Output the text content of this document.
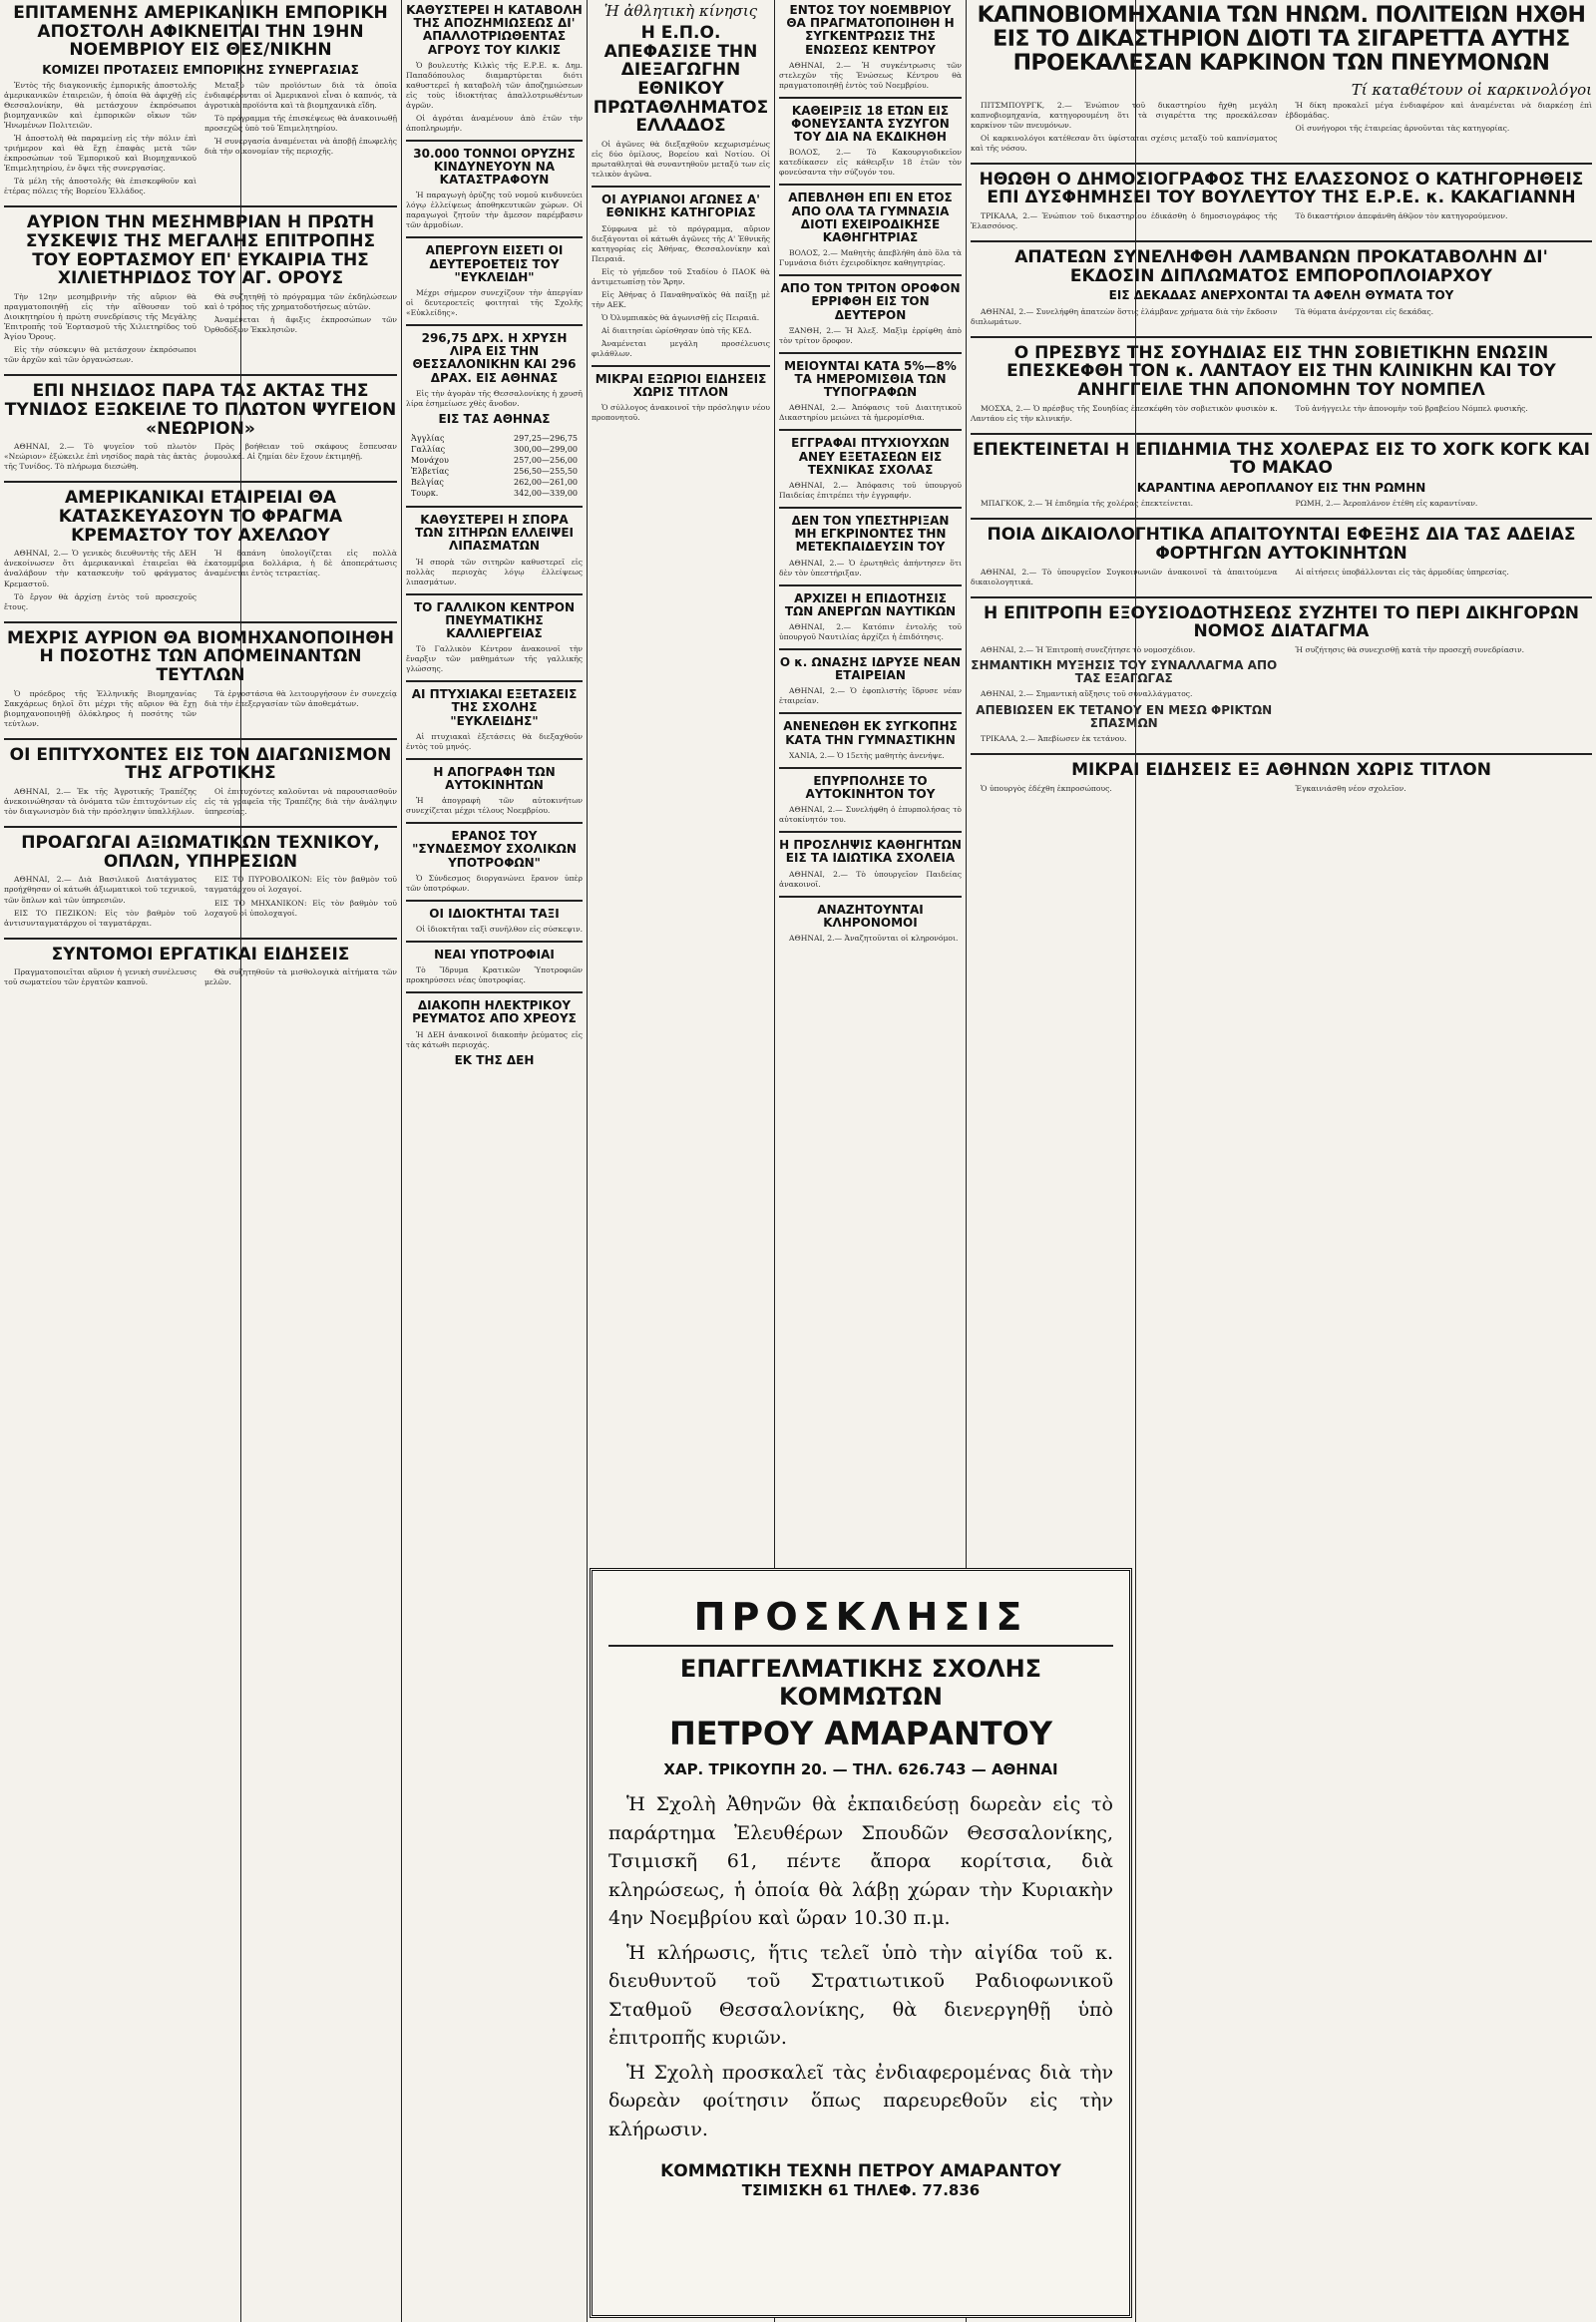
ΕΠΙΤΑΜΕΝΗΣ ΑΜΕΡΙΚΑΝΙΚΗ ΕΜΠΟΡΙΚΗ ΑΠΟΣΤΟΛΗ ΑΦΙΚΝΕΙΤΑΙ ΤΗΝ 19ΗΝ ΝΟΕΜΒΡΙΟΥ ΕΙΣ ΘΕΣ/ΝΙΚΗΝ
ΚΟΜΙΖΕΙ ΠΡΟΤΑΣΕΙΣ ΕΜΠΟΡΙΚΗΣ ΣΥΝΕΡΓΑΣΙΑΣ

Ἐντὸς τῆς διαγκονικῆς ἐμπορικῆς ἀποστολῆς ἀμερικανικῶν ἐταιρειῶν, ἡ ὁποία θὰ ἀφιχθῇ εἰς Θεσσαλονίκην, θὰ μετάσχουν ἐκπρόσωποι βιομηχανικῶν καὶ ἐμπορικῶν οἴκων τῶν Ἡνωμένων Πολιτειῶν.

Ἡ ἀποστολὴ θὰ παραμείνῃ εἰς τὴν πόλιν ἐπὶ τριήμερον καὶ θὰ ἔχῃ ἐπαφὰς μετὰ τῶν ἐκπροσώπων τοῦ Ἐμπορικοῦ καὶ Βιομηχανικοῦ Ἐπιμελητηρίου, ἐν ὄψει τῆς συνεργασίας.

Τὰ μέλη τῆς ἀποστολῆς θὰ ἐπισκεφθοῦν καὶ ἑτέρας πόλεις τῆς Βορείου Ἑλλάδος.

Μεταξὺ τῶν προϊόντων διὰ τὰ ὁποῖα ἐνδιαφέρονται οἱ Ἀμερικανοὶ εἶναι ὁ καπνός, τὰ ἀγροτικὰ προϊόντα καὶ τὰ βιομηχανικὰ εἴδη.

Τὸ πρόγραμμα τῆς ἐπισκέψεως θὰ ἀνακοινωθῇ προσεχῶς ὑπὸ τοῦ Ἐπιμελητηρίου.

Ἡ συνεργασία ἀναμένεται νὰ ἀποβῇ ἐπωφελὴς διὰ τὴν οἰκονομίαν τῆς περιοχῆς.

ΑΥΡΙΟΝ ΤΗΝ ΜΕΣΗΜΒΡΙΑΝ Η ΠΡΩΤΗ ΣΥΣΚΕΨΙΣ ΤΗΣ ΜΕΓΑΛΗΣ ΕΠΙΤΡΟΠΗΣ ΤΟΥ ΕΟΡΤΑΣΜΟΥ ΕΠ' ΕΥΚΑΙΡΙΑ ΤΗΣ ΧΙΛΙΕΤΗΡΙΔΟΣ ΤΟΥ ΑΓ. ΟΡΟΥΣ

Τὴν 12ην μεσημβρινὴν τῆς αὔριον θὰ πραγματοποιηθῇ εἰς τὴν αἴθουσαν τοῦ Διοικητηρίου ἡ πρώτη συνεδρίασις τῆς Μεγάλης Ἐπιτροπῆς τοῦ Ἑορτασμοῦ τῆς Χιλιετηρίδος τοῦ Ἁγίου Ὄρους.

Εἰς τὴν σύσκεψιν θὰ μετάσχουν ἐκπρόσωποι τῶν ἀρχῶν καὶ τῶν ὀργανώσεων.

Θὰ συζητηθῇ τὸ πρόγραμμα τῶν ἐκδηλώσεων καὶ ὁ τρόπος τῆς χρηματοδοτήσεως αὐτῶν.

Ἀναμένεται ἡ ἄφιξις ἐκπροσώπων τῶν Ὀρθοδόξων Ἐκκλησιῶν.

ΕΠΙ ΝΗΣΙΔΟΣ ΠΑΡΑ ΤΑΣ ΑΚΤΑΣ ΤΗΣ ΤΥΝΙΔΟΣ ΕΞΩΚΕΙΛΕ ΤΟ ΠΛΩΤΟΝ ΨΥΓΕΙΟΝ «ΝΕΩΡΙΟΝ»

ΑΘΗΝΑΙ, 2.— Τὸ ψυγεῖον τοῦ πλωτὸν «Νεώριον» ἐξώκειλε ἐπὶ νησίδος παρὰ τὰς ἀκτὰς τῆς Τυνίδος. Τὸ πλήρωμα διεσώθη.

Πρὸς βοήθειαν τοῦ σκάφους ἔσπευσαν ῥυμουλκά. Αἱ ζημίαι δὲν ἔχουν ἐκτιμηθῇ.

ΑΜΕΡΙΚΑΝΙΚΑΙ ΕΤΑΙΡΕΙΑΙ ΘΑ ΚΑΤΑΣΚΕΥΑΣΟΥΝ ΤΟ ΦΡΑΓΜΑ ΚΡΕΜΑΣΤΟΥ ΤΟΥ ΑΧΕΛΩΟΥ

ΑΘΗΝΑΙ, 2.— Ὁ γενικὸς διευθυντὴς τῆς ΔΕΗ ἀνεκοίνωσεν ὅτι ἀμερικανικαὶ ἑταιρεῖαι θὰ ἀναλάβουν τὴν κατασκευὴν τοῦ φράγματος Κρεμαστοῦ.

Τὸ ἔργον θὰ ἀρχίσῃ ἐντὸς τοῦ προσεχοῦς ἔτους.

Ἡ δαπάνη ὑπολογίζεται εἰς πολλὰ ἑκατομμύρια δολλάρια, ἡ δὲ ἀποπεράτωσις ἀναμένεται ἐντὸς τετραετίας.

ΜΕΧΡΙΣ ΑΥΡΙΟΝ ΘΑ ΒΙΟΜΗΧΑΝΟΠΟΙΗΘΗ Η ΠΟΣΟΤΗΣ ΤΩΝ ΑΠΟΜΕΙΝΑΝΤΩΝ ΤΕΥΤΛΩΝ

Ὁ πρόεδρος τῆς Ἑλληνικῆς Βιομηχανίας Σακχάρεως δηλοῖ ὅτι μέχρι τῆς αὔριον θὰ ἔχῃ βιομηχανοποιηθῇ ὁλόκληρος ἡ ποσότης τῶν τεύτλων.

Τὰ ἐργοστάσια θὰ λειτουργήσουν ἐν συνεχείᾳ διὰ τὴν ἐπεξεργασίαν τῶν ἀποθεμάτων.

ΟΙ ΕΠΙΤΥΧΟΝΤΕΣ ΕΙΣ ΤΟΝ ΔΙΑΓΩΝΙΣΜΟΝ ΤΗΣ ΑΓΡΟΤΙΚΗΣ

ΑΘΗΝΑΙ, 2.— Ἐκ τῆς Ἀγροτικῆς Τραπέζης ἀνεκοινώθησαν τὰ ὀνόματα τῶν ἐπιτυχόντων εἰς τὸν διαγωνισμὸν διὰ τὴν πρόσληψιν ὑπαλλήλων.

Οἱ ἐπιτυχόντες καλοῦνται νὰ παρουσιασθοῦν εἰς τὰ γραφεῖα τῆς Τραπέζης διὰ τὴν ἀνάληψιν ὑπηρεσίας.

ΠΡΟΑΓΩΓΑΙ ΑΞΙΩΜΑΤΙΚΩΝ ΤΕΧΝΙΚΟΥ, ΟΠΛΩΝ, ΥΠΗΡΕΣΙΩΝ

ΑΘΗΝΑΙ, 2.— Διὰ Βασιλικοῦ Διατάγματος προήχθησαν οἱ κάτωθι ἀξιωματικοὶ τοῦ τεχνικοῦ, τῶν ὅπλων καὶ τῶν ὑπηρεσιῶν.

ΕΙΣ ΤΟ ΠΕΖΙΚΟΝ: Εἰς τὸν βαθμὸν τοῦ ἀντισυνταγματάρχου οἱ ταγματάρχαι.

ΕΙΣ ΤΟ ΠΥΡΟΒΟΛΙΚΟΝ: Εἰς τὸν βαθμὸν τοῦ ταγματάρχου οἱ λοχαγοί.

ΕΙΣ ΤΟ ΜΗΧΑΝΙΚΟΝ: Εἰς τὸν βαθμὸν τοῦ λοχαγοῦ οἱ ὑπολοχαγοί.

ΣΥΝΤΟΜΟΙ ΕΡΓΑΤΙΚΑΙ ΕΙΔΗΣΕΙΣ

Πραγματοποιεῖται αὔριον ἡ γενικὴ συνέλευσις τοῦ σωματείου τῶν ἐργατῶν καπνοῦ.

Θὰ συζητηθοῦν τὰ μισθολογικὰ αἰτήματα τῶν μελῶν.

ΚΑΘΥΣΤΕΡΕΙ Η ΚΑΤΑΒΟΛΗ ΤΗΣ ΑΠΟΖΗΜΙΩΣΕΩΣ ΔΙ' ΑΠΑΛΛΟΤΡΙΩΘΕΝΤΑΣ ΑΓΡΟΥΣ ΤΟΥ ΚΙΛΚΙΣ

Ὁ βουλευτὴς Κιλκὶς τῆς Ε.Ρ.Ε. κ. Δημ. Παπαδόπουλος διαμαρτύρεται διότι καθυστερεῖ ἡ καταβολὴ τῶν ἀποζημιώσεων εἰς τοὺς ἰδιοκτήτας ἀπαλλοτριωθέντων ἀγρῶν.

Οἱ ἀγρόται ἀναμένουν ἀπὸ ἐτῶν τὴν ἀποπληρωμήν.

30.000 ΤΟΝΝΟΙ ΟΡΥΖΗΣ ΚΙΝΔΥΝΕΥΟΥΝ ΝΑ ΚΑΤΑΣΤΡΑΦΟΥΝ

Ἡ παραγωγὴ ὀρύζης τοῦ νομοῦ κινδυνεύει λόγῳ ἐλλείψεως ἀποθηκευτικῶν χώρων. Οἱ παραγωγοὶ ζητοῦν τὴν ἄμεσον παρέμβασιν τῶν ἀρμοδίων.

ΑΠΕΡΓΟΥΝ ΕΙΣΕΤΙ ΟΙ ΔΕΥΤΕΡΟΕΤΕΙΣ ΤΟΥ "ΕΥΚΛΕΙΔΗ"

Μέχρι σήμερον συνεχίζουν τὴν ἀπεργίαν οἱ δευτεροετεῖς φοιτηταὶ τῆς Σχολῆς «Εὐκλείδης».

296,75 ΔΡΧ. Η ΧΡΥΣΗ ΛΙΡΑ ΕΙΣ ΤΗΝ ΘΕΣΣΑΛΟΝΙΚΗΝ ΚΑΙ 296 ΔΡΑΧ. ΕΙΣ ΑΘΗΝΑΣ

Εἰς τὴν ἀγορὰν τῆς Θεσσαλονίκης ἡ χρυσῆ λίρα ἐσημείωσε χθὲς ἄνοδον.

ΕΙΣ ΤΑΣ ΑΘΗΝΑΣ
Ἀγγλίας	297,25—296,75
Γαλλίας	300,00—299,00
Μονάχου	257,00—256,00
Ἑλβετίας	256,50—255,50
Βελγίας	262,00—261,00
Τουρκ.	342,00—339,00
ΚΑΘΥΣΤΕΡΕΙ Η ΣΠΟΡΑ ΤΩΝ ΣΙΤΗΡΩΝ ΕΛΛΕΙΨΕΙ ΛΙΠΑΣΜΑΤΩΝ

Ἡ σπορὰ τῶν σιτηρῶν καθυστερεῖ εἰς πολλὰς περιοχὰς λόγῳ ἐλλείψεως λιπασμάτων.

ΤΟ ΓΑΛΛΙΚΟΝ ΚΕΝΤΡΟΝ ΠΝΕΥΜΑΤΙΚΗΣ ΚΑΛΛΙΕΡΓΕΙΑΣ

Τὸ Γαλλικὸν Κέντρον ἀνακοινοῖ τὴν ἔναρξιν τῶν μαθημάτων τῆς γαλλικῆς γλώσσης.

ΑΙ ΠΤΥΧΙΑΚΑΙ ΕΞΕΤΑΣΕΙΣ ΤΗΣ ΣΧΟΛΗΣ "ΕΥΚΛΕΙΔΗΣ"

Αἱ πτυχιακαὶ ἐξετάσεις θὰ διεξαχθοῦν ἐντὸς τοῦ μηνός.

Η ΑΠΟΓΡΑΦΗ ΤΩΝ ΑΥΤΟΚΙΝΗΤΩΝ

Ἡ ἀπογραφὴ τῶν αὐτοκινήτων συνεχίζεται μέχρι τέλους Νοεμβρίου.

ΕΡΑΝΟΣ ΤΟΥ "ΣΥΝΔΕΣΜΟΥ ΣΧΟΛΙΚΩΝ ΥΠΟΤΡΟΦΩΝ"

Ὁ Σύνδεσμος διοργανώνει ἔρανον ὑπὲρ τῶν ὑποτρόφων.

ΟΙ ΙΔΙΟΚΤΗΤΑΙ ΤΑΞΙ

Οἱ ἰδιοκτῆται ταξὶ συνῆλθον εἰς σύσκεψιν.

ΝΕΑΙ ΥΠΟΤΡΟΦΙΑΙ

Τὸ Ἵδρυμα Κρατικῶν Ὑποτροφιῶν προκηρύσσει νέας ὑποτροφίας.

ΔΙΑΚΟΠΗ ΗΛΕΚΤΡΙΚΟΥ ΡΕΥΜΑΤΟΣ ΑΠΟ ΧΡΕΟΥΣ

Ἡ ΔΕΗ ἀνακοινοῖ διακοπὴν ῥεύματος εἰς τὰς κάτωθι περιοχάς.

ΕΚ ΤΗΣ ΔΕΗ
Ἡ ἀθλητικὴ κίνησις
Η Ε.Π.Ο. ΑΠΕΦΑΣΙΣΕ ΤΗΝ ΔΙΕΞΑΓΩΓΗΝ ΕΘΝΙΚΟΥ ΠΡΩΤΑΘΛΗΜΑΤΟΣ ΕΛΛΑΔΟΣ

Οἱ ἀγῶνες θὰ διεξαχθοῦν κεχωρισμένως εἰς δύο ὁμίλους, Βορείου καὶ Νοτίου. Οἱ πρωταθληταὶ θὰ συναντηθοῦν μεταξύ των εἰς τελικὸν ἀγῶνα.

ΟΙ ΑΥΡΙΑΝΟΙ ΑΓΩΝΕΣ Α' ΕΘΝΙΚΗΣ ΚΑΤΗΓΟΡΙΑΣ

Σύμφωνα μὲ τὸ πρόγραμμα, αὔριον διεξάγονται οἱ κάτωθι ἀγῶνες τῆς Α' Ἐθνικῆς κατηγορίας εἰς Ἀθήνας, Θεσσαλονίκην καὶ Πειραιᾶ.

Εἰς τὸ γήπεδον τοῦ Σταδίου ὁ ΠΑΟΚ θὰ ἀντιμετωπίσῃ τὸν Ἄρην.

Εἰς Ἀθήνας ὁ Παναθηναϊκὸς θὰ παίξῃ μὲ τὴν ΑΕΚ.

Ὁ Ὀλυμπιακὸς θὰ ἀγωνισθῇ εἰς Πειραιᾶ.

Αἱ διαιτησίαι ὡρίσθησαν ὑπὸ τῆς ΚΕΔ.

Ἀναμένεται μεγάλη προσέλευσις φιλάθλων.

ΜΙΚΡΑΙ ΕΞΩΡΙΟΙ ΕΙΔΗΣΕΙΣ ΧΩΡΙΣ ΤΙΤΛΟΝ

Ὁ σύλλογος ἀνακοινοῖ τὴν πρόσληψιν νέου προπονητοῦ.

ΕΝΤΟΣ ΤΟΥ ΝΟΕΜΒΡΙΟΥ ΘΑ ΠΡΑΓΜΑΤΟΠΟΙΗΘΗ Η ΣΥΓΚΕΝΤΡΩΣΙΣ ΤΗΣ ΕΝΩΣΕΩΣ ΚΕΝΤΡΟΥ

ΑΘΗΝΑΙ, 2.— Ἡ συγκέντρωσις τῶν στελεχῶν τῆς Ἑνώσεως Κέντρου θὰ πραγματοποιηθῇ ἐντὸς τοῦ Νοεμβρίου.

ΚΑΘΕΙΡΞΙΣ 18 ΕΤΩΝ ΕΙΣ ΦΟΝΕΥΣΑΝΤΑ ΣΥΖΥΓΟΝ ΤΟΥ ΔΙΑ ΝΑ ΕΚΔΙΚΗΘΗ

ΒΟΛΟΣ, 2.— Τὸ Κακουργιοδικεῖον κατεδίκασεν εἰς κάθειρξιν 18 ἐτῶν τὸν φονεύσαντα τὴν σύζυγόν του.

ΑΠΕΒΛΗΘΗ ΕΠΙ ΕΝ ΕΤΟΣ ΑΠΟ ΟΛΑ ΤΑ ΓΥΜΝΑΣΙΑ ΔΙΟΤΙ ΕΧΕΙΡΟΔΙΚΗΣΕ ΚΑΘΗΓΗΤΡΙΑΣ

ΒΟΛΟΣ, 2.— Μαθητὴς ἀπεβλήθη ἀπὸ ὅλα τὰ Γυμνάσια διότι ἐχειροδίκησε καθηγητρίας.

ΑΠΟ ΤΟΝ ΤΡΙΤΟΝ ΟΡΟΦΟΝ ΕΡΡΙΦΘΗ ΕΙΣ ΤΟΝ ΔΕΥΤΕΡΟΝ

ΞΑΝΘΗ, 2.— Ἡ Ἀλεξ. Μαξὶμ ἐρρίφθη ἀπὸ τὸν τρίτον ὄροφον.

ΜΕΙΟΥΝΤΑΙ ΚΑΤΑ 5%—8% ΤΑ ΗΜΕΡΟΜΙΣΘΙΑ ΤΩΝ ΤΥΠΟΓΡΑΦΩΝ

ΑΘΗΝΑΙ, 2.— Ἀπόφασις τοῦ Διαιτητικοῦ Δικαστηρίου μειώνει τὰ ἡμερομίσθια.

ΕΓΓΡΑΦΑΙ ΠΤΥΧΙΟΥΧΩΝ ΑΝΕΥ ΕΞΕΤΑΣΕΩΝ ΕΙΣ ΤΕΧΝΙΚΑΣ ΣΧΟΛΑΣ

ΑΘΗΝΑΙ, 2.— Ἀπόφασις τοῦ ὑπουργοῦ Παιδείας ἐπιτρέπει τὴν ἐγγραφήν.

ΔΕΝ ΤΟΝ ΥΠΕΣΤΗΡΙΞΑΝ ΜΗ ΕΓΚΡΙΝΟΝΤΕΣ ΤΗΝ ΜΕΤΕΚΠΑΙΔΕΥΣΙΝ ΤΟΥ

ΑΘΗΝΑΙ, 2.— Ὁ ἐρωτηθεὶς ἀπήντησεν ὅτι δὲν τὸν ὑπεστήριξαν.

ΑΡΧΙΖΕΙ Η ΕΠΙΔΟΤΗΣΙΣ ΤΩΝ ΑΝΕΡΓΩΝ ΝΑΥΤΙΚΩΝ

ΑΘΗΝΑΙ, 2.— Κατόπιν ἐντολῆς τοῦ ὑπουργοῦ Ναυτιλίας ἀρχίζει ἡ ἐπιδότησις.

Ο κ. ΩΝΑΣΗΣ ΙΔΡΥΣΕ ΝΕΑΝ ΕΤΑΙΡΕΙΑΝ

ΑΘΗΝΑΙ, 2.— Ὁ ἐφοπλιστὴς ἵδρυσε νέαν ἑταιρείαν.

ΑΝΕΝΕΩΘΗ ΕΚ ΣΥΓΚΟΠΗΣ ΚΑΤΑ ΤΗΝ ΓΥΜΝΑΣΤΙΚΗΝ

ΧΑΝΙΑ, 2.— Ὁ 15ετὴς μαθητὴς ἀνενήψε.

ΕΠΥΡΠΟΛΗΣΕ ΤΟ ΑΥΤΟΚΙΝΗΤΟΝ ΤΟΥ

ΑΘΗΝΑΙ, 2.— Συνελήφθη ὁ ἐπυρπολήσας τὸ αὐτοκίνητόν του.

Η ΠΡΟΣΛΗΨΙΣ ΚΑΘΗΓΗΤΩΝ ΕΙΣ ΤΑ ΙΔΙΩΤΙΚΑ ΣΧΟΛΕΙΑ

ΑΘΗΝΑΙ, 2.— Τὸ ὑπουργεῖον Παιδείας ἀνακοινοῖ.

ΑΝΑΖΗΤΟΥΝΤΑΙ ΚΛΗΡΟΝΟΜΟΙ

ΑΘΗΝΑΙ, 2.— Ἀναζητοῦνται οἱ κληρονόμοι.

ΚΑΠΝΟΒΙΟΜΗΧΑΝΙΑ ΤΩΝ ΗΝΩΜ. ΠΟΛΙΤΕΙΩΝ ΗΧΘΗ ΕΙΣ ΤΟ ΔΙΚΑΣΤΗΡΙΟΝ ΔΙΟΤΙ ΤΑ ΣΙΓΑΡΕΤΤΑ ΑΥΤΗΣ ΠΡΟΕΚΑΛΕΣΑΝ ΚΑΡΚΙΝΟΝ ΤΩΝ ΠΝΕΥΜΟΝΩΝ
Τί καταθέτουν οἱ καρκινολόγοι

ΠΙΤΣΜΠΟΥΡΓΚ, 2.— Ἐνώπιον τοῦ δικαστηρίου ἤχθη μεγάλη καπνοβιομηχανία, κατηγορουμένη ὅτι τὰ σιγαρέττα της προεκάλεσαν καρκίνον τῶν πνευμόνων.

Οἱ καρκινολόγοι κατέθεσαν ὅτι ὑφίσταται σχέσις μεταξὺ τοῦ καπνίσματος καὶ τῆς νόσου.

Ἡ δίκη προκαλεῖ μέγα ἐνδιαφέρον καὶ ἀναμένεται νὰ διαρκέσῃ ἐπὶ ἑβδομάδας.

Οἱ συνήγοροι τῆς ἑταιρείας ἀρνοῦνται τὰς κατηγορίας.

ΗΘΩΘΗ Ο ΔΗΜΟΣΙΟΓΡΑΦΟΣ ΤΗΣ ΕΛΑΣΣΟΝΟΣ Ο ΚΑΤΗΓΟΡΗΘΕΙΣ ΕΠΙ ΔΥΣΦΗΜΗΣΕΙ ΤΟΥ ΒΟΥΛΕΥΤΟΥ ΤΗΣ Ε.Ρ.Ε. κ. ΚΑΚΑΓΙΑΝΝΗ

ΤΡΙΚΑΛΑ, 2.— Ἐνώπιον τοῦ δικαστηρίου ἐδικάσθη ὁ δημοσιογράφος τῆς Ἐλασσόνος.

Τὸ δικαστήριον ἀπεφάνθη ἀθῷον τὸν κατηγορούμενον.

ΑΠΑΤΕΩΝ ΣΥΝΕΛΗΦΘΗ ΛΑΜΒΑΝΩΝ ΠΡΟΚΑΤΑΒΟΛΗΝ ΔΙ' ΕΚΔΟΣΙΝ ΔΙΠΛΩΜΑΤΟΣ ΕΜΠΟΡΟΠΛΟΙΑΡΧΟΥ
ΕΙΣ ΔΕΚΑΔΑΣ ΑΝΕΡΧΟΝΤΑΙ ΤΑ ΑΦΕΛΗ ΘΥΜΑΤΑ ΤΟΥ

ΑΘΗΝΑΙ, 2.— Συνελήφθη ἀπατεὼν ὅστις ἐλάμβανε χρήματα διὰ τὴν ἔκδοσιν διπλωμάτων.

Τὰ θύματα ἀνέρχονται εἰς δεκάδας.

Ο ΠΡΕΣΒΥΣ ΤΗΣ ΣΟΥΗΔΙΑΣ ΕΙΣ ΤΗΝ ΣΟΒΙΕΤΙΚΗΝ ΕΝΩΣΙΝ ΕΠΕΣΚΕΦΘΗ ΤΟΝ κ. ΛΑΝΤΑΟΥ ΕΙΣ ΤΗΝ ΚΛΙΝΙΚΗΝ ΚΑΙ ΤΟΥ ΑΝΗΓΓΕΙΛΕ ΤΗΝ ΑΠΟΝΟΜΗΝ ΤΟΥ ΝΟΜΠΕΛ

ΜΟΣΧΑ, 2.— Ὁ πρέσβυς τῆς Σουηδίας ἐπεσκέφθη τὸν σοβιετικὸν φυσικὸν κ. Λαντάου εἰς τὴν κλινικήν.

Τοῦ ἀνήγγειλε τὴν ἀπονομὴν τοῦ βραβείου Νόμπελ φυσικῆς.

ΕΠΕΚΤΕΙΝΕΤΑΙ Η ΕΠΙΔΗΜΙΑ ΤΗΣ ΧΟΛΕΡΑΣ ΕΙΣ ΤΟ ΧΟΓΚ ΚΟΓΚ ΚΑΙ ΤΟ ΜΑΚΑΟ
ΚΑΡΑΝΤΙΝΑ ΑΕΡΟΠΛΑΝΟΥ ΕΙΣ ΤΗΝ ΡΩΜΗΝ

ΜΠΑΓΚΟΚ, 2.— Ἡ ἐπιδημία τῆς χολέρας ἐπεκτείνεται.	ΡΩΜΗ, 2.— Ἀεροπλάνον ἐτέθη εἰς καραντίναν.

ΠΟΙΑ ΔΙΚΑΙΟΛΟΓΗΤΙΚΑ ΑΠΑΙΤΟΥΝΤΑΙ ΕΦΕΞΗΣ ΔΙΑ ΤΑΣ ΑΔΕΙΑΣ ΦΟΡΤΗΓΩΝ ΑΥΤΟΚΙΝΗΤΩΝ

ΑΘΗΝΑΙ, 2.— Τὸ ὑπουργεῖον Συγκοινωνιῶν ἀνακοινοῖ τὰ ἀπαιτούμενα δικαιολογητικά.

Αἱ αἰτήσεις ὑποβάλλονται εἰς τὰς ἁρμοδίας ὑπηρεσίας.

Η ΕΠΙΤΡΟΠΗ ΕΞΟΥΣΙΟΔΟΤΗΣΕΩΣ ΣΥΖΗΤΕΙ ΤΟ ΠΕΡΙ ΔΙΚΗΓΟΡΩΝ ΝΟΜΟΣ ΔΙΑΤΑΓΜΑ

ΑΘΗΝΑΙ, 2.— Ἡ Ἐπιτροπὴ συνεζήτησε τὸ νομοσχέδιον.

ΣΗΜΑΝΤΙΚΗ ΜΥΞΗΣΙΣ ΤΟΥ ΣΥΝΑΛΛΑΓΜΑ ΑΠΟ ΤΑΣ ΕΞΑΓΩΓΑΣ

ΑΘΗΝΑΙ, 2.— Σημαντικὴ αὔξησις τοῦ συναλλάγματος.

ΑΠΕΒΙΩΣΕΝ ΕΚ ΤΕΤΑΝΟΥ ΕΝ ΜΕΣΩ ΦΡΙΚΤΩΝ ΣΠΑΣΜΩΝ

ΤΡΙΚΑΛΑ, 2.— Ἀπεβίωσεν ἐκ τετάνου.

Ἡ συζήτησις θὰ συνεχισθῇ κατὰ τὴν προσεχῆ συνεδρίασιν.

ΜΙΚΡΑΙ ΕΙΔΗΣΕΙΣ ΕΞ ΑΘΗΝΩΝ ΧΩΡΙΣ ΤΙΤΛΟΝ

Ὁ ὑπουργὸς ἐδέχθη ἐκπροσώπους.	Ἐγκαινιάσθη νέον σχολεῖον.

ΠΡΟΣΚΛΗΣΙΣ
ΕΠΑΓΓΕΛΜΑΤΙΚΗΣ ΣΧΟΛΗΣ ΚΟΜΜΩΤΩΝ
ΠΕΤΡΟΥ ΑΜΑΡΑΝΤΟΥ
ΧΑΡ. ΤΡΙΚΟΥΠΗ 20. — ΤΗΛ. 626.743 — ΑΘΗΝΑΙ
Ἡ Σχολὴ Ἀθηνῶν θὰ ἐκπαιδεύσῃ δωρεὰν εἰς τὸ παράρτημα Ἐλευθέρων Σπουδῶν Θεσσαλονίκης, Τσιμισκῆ 61, πέντε ἄπορα κορίτσια, διὰ κληρώσεως, ἡ ὁποία θὰ λάβῃ χώραν τὴν Κυριακὴν 4ην Νοεμβρίου καὶ ὥραν 10.30 π.μ.
Ἡ κλήρωσις, ἥτις τελεῖ ὑπὸ τὴν αἰγίδα τοῦ κ. διευθυντοῦ τοῦ Στρατιωτικοῦ Ραδιοφωνικοῦ Σταθμοῦ Θεσσαλονίκης, θὰ διενεργηθῇ ὑπὸ ἐπιτροπῆς κυριῶν.
Ἡ Σχολὴ προσκαλεῖ τὰς ἐνδιαφερομένας διὰ τὴν δωρεὰν φοίτησιν ὅπως παρευρεθοῦν εἰς τὴν κλήρωσιν.
ΚΟΜΜΩΤΙΚΗ ΤΕΧΝΗ ΠΕΤΡΟΥ ΑΜΑΡΑΝΤΟΥ
ΤΣΙΜΙΣΚΗ 61 ΤΗΛΕΦ. 77.836
